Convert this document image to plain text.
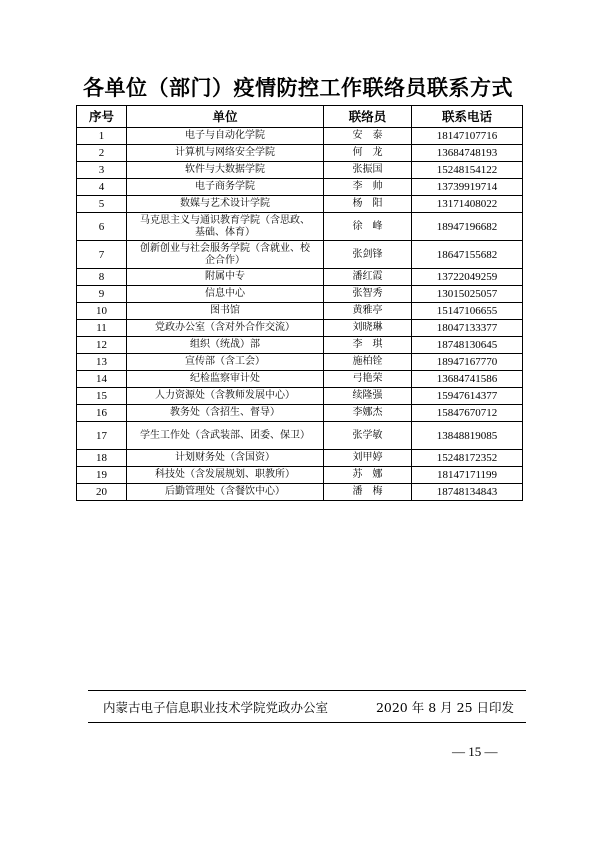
各单位（部门）疫情防控工作联络员联系方式
序号	单位	联络员	联系电话
1	电子与自动化学院	安　泰	18147107716
2	计算机与网络安全学院	何　龙	13684748193
3	软件与大数据学院	张振国	15248154122
4	电子商务学院	李　帅	13739919714
5	数媒与艺术设计学院	杨　阳	13171408022
6	马克思主义与通识教育学院（含思政、基础、体育）	徐　峰	18947196682
7	创新创业与社会服务学院（含就业、校企合作）	张剑锋	18647155682
8	附属中专	潘红霞	13722049259
9	信息中心	张智秀	13015025057
10	图书馆	黄雅亭	15147106655
11	党政办公室（含对外合作交流）	刘晓琳	18047133377
12	组织（统战）部	李　琪	18748130645
13	宣传部（含工会）	施柏铨	18947167770
14	纪检监察审计处	弓艳荣	13684741586
15	人力资源处（含教师发展中心）	续隆强	15947614377
16	教务处（含招生、督导）	李娜杰	15847670712
17	学生工作处（含武装部、团委、保卫）	张学敏	13848819085
18	计划财务处（含国资）	刘甲婷	15248172352
19	科技处（含发展规划、职教所）	苏　娜	18147171199
20	后勤管理处（含餐饮中心）	潘　梅	18748134843
内蒙古电子信息职业技术学院党政办公室	2020 年 8 月 25 日印发
— 15 —
